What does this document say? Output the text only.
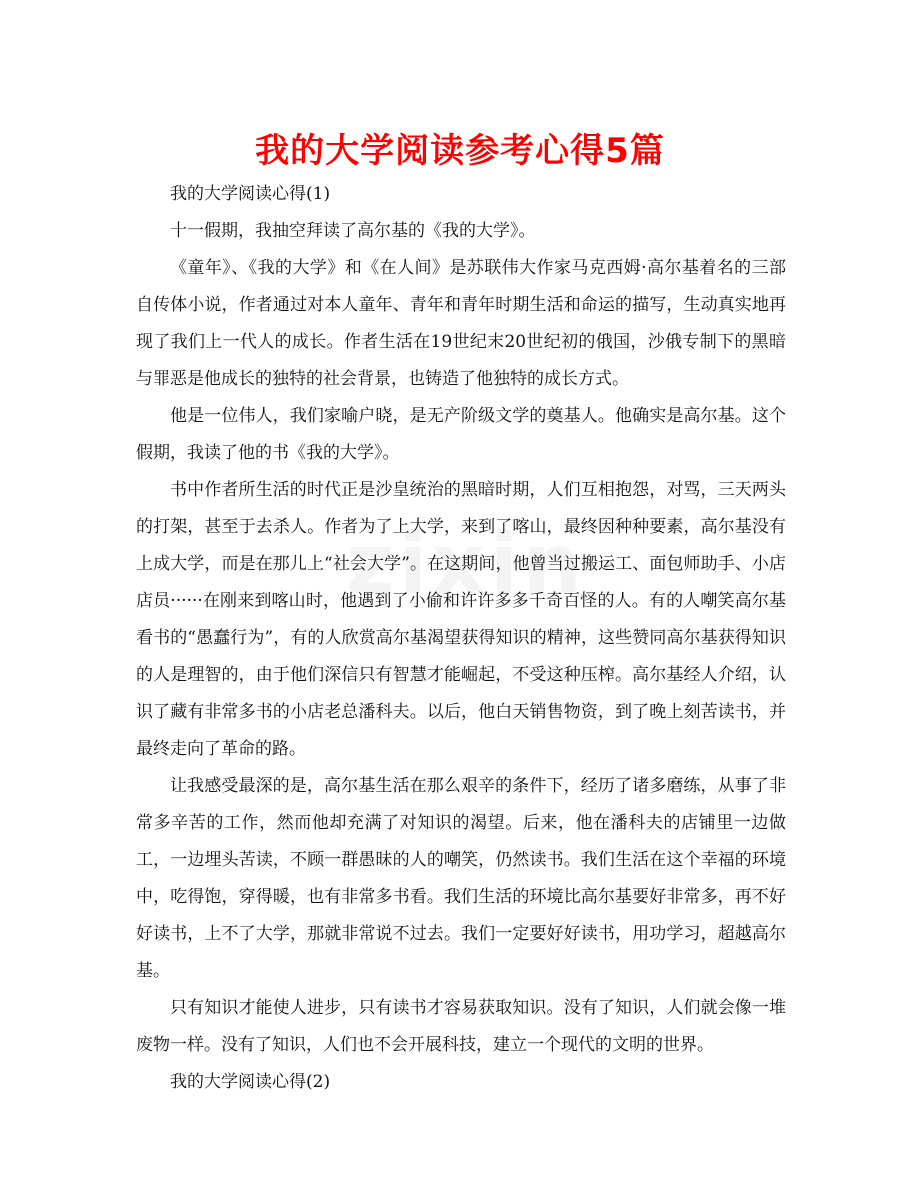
我的大学阅读参考心得5篇

我的大学阅读心得(1)

十一假期，我抽空拜读了高尔基的《我的大学》。

《童年》、《我的大学》和《在人间》是苏联伟大作家马克西姆·高尔基着名的三部自传体小说，作者通过对本人童年、青年和青年时期生活和命运的描写，生动真实地再现了我们上一代人的成长。作者生活在19世纪末20世纪初的俄国，沙俄专制下的黑暗与罪恶是他成长的独特的社会背景，也铸造了他独特的成长方式。

他是一位伟人，我们家喻户晓，是无产阶级文学的奠基人。他确实是高尔基。这个假期，我读了他的书《我的大学》。

书中作者所生活的时代正是沙皇统治的黑暗时期，人们互相抱怨，对骂，三天两头的打架，甚至于去杀人。作者为了上大学，来到了喀山，最终因种种要素，高尔基没有上成大学，而是在那儿上“社会大学”。在这期间，他曾当过搬运工、面包师助手、小店店员······在刚来到喀山时，他遇到了小偷和许许多多千奇百怪的人。有的人嘲笑高尔基看书的“愚蠢行为”，有的人欣赏高尔基渴望获得知识的精神，这些赞同高尔基获得知识的人是理智的，由于他们深信只有智慧才能崛起，不受这种压榨。高尔基经人介绍，认识了藏有非常多书的小店老总潘科夫。以后，他白天销售物资，到了晚上刻苦读书，并最终走向了革命的路。

让我感受最深的是，高尔基生活在那么艰辛的条件下，经历了诸多磨练，从事了非常多辛苦的工作，然而他却充满了对知识的渴望。后来，他在潘科夫的店铺里一边做工，一边埋头苦读，不顾一群愚昧的人的嘲笑，仍然读书。我们生活在这个幸福的环境中，吃得饱，穿得暖，也有非常多书看。我们生活的环境比高尔基要好非常多，再不好好读书，上不了大学，那就非常说不过去。我们一定要好好读书，用功学习，超越高尔基。

只有知识才能使人进步，只有读书才容易获取知识。没有了知识，人们就会像一堆废物一样。没有了知识，人们也不会开展科技，建立一个现代的文明的世界。

我的大学阅读心得(2)
